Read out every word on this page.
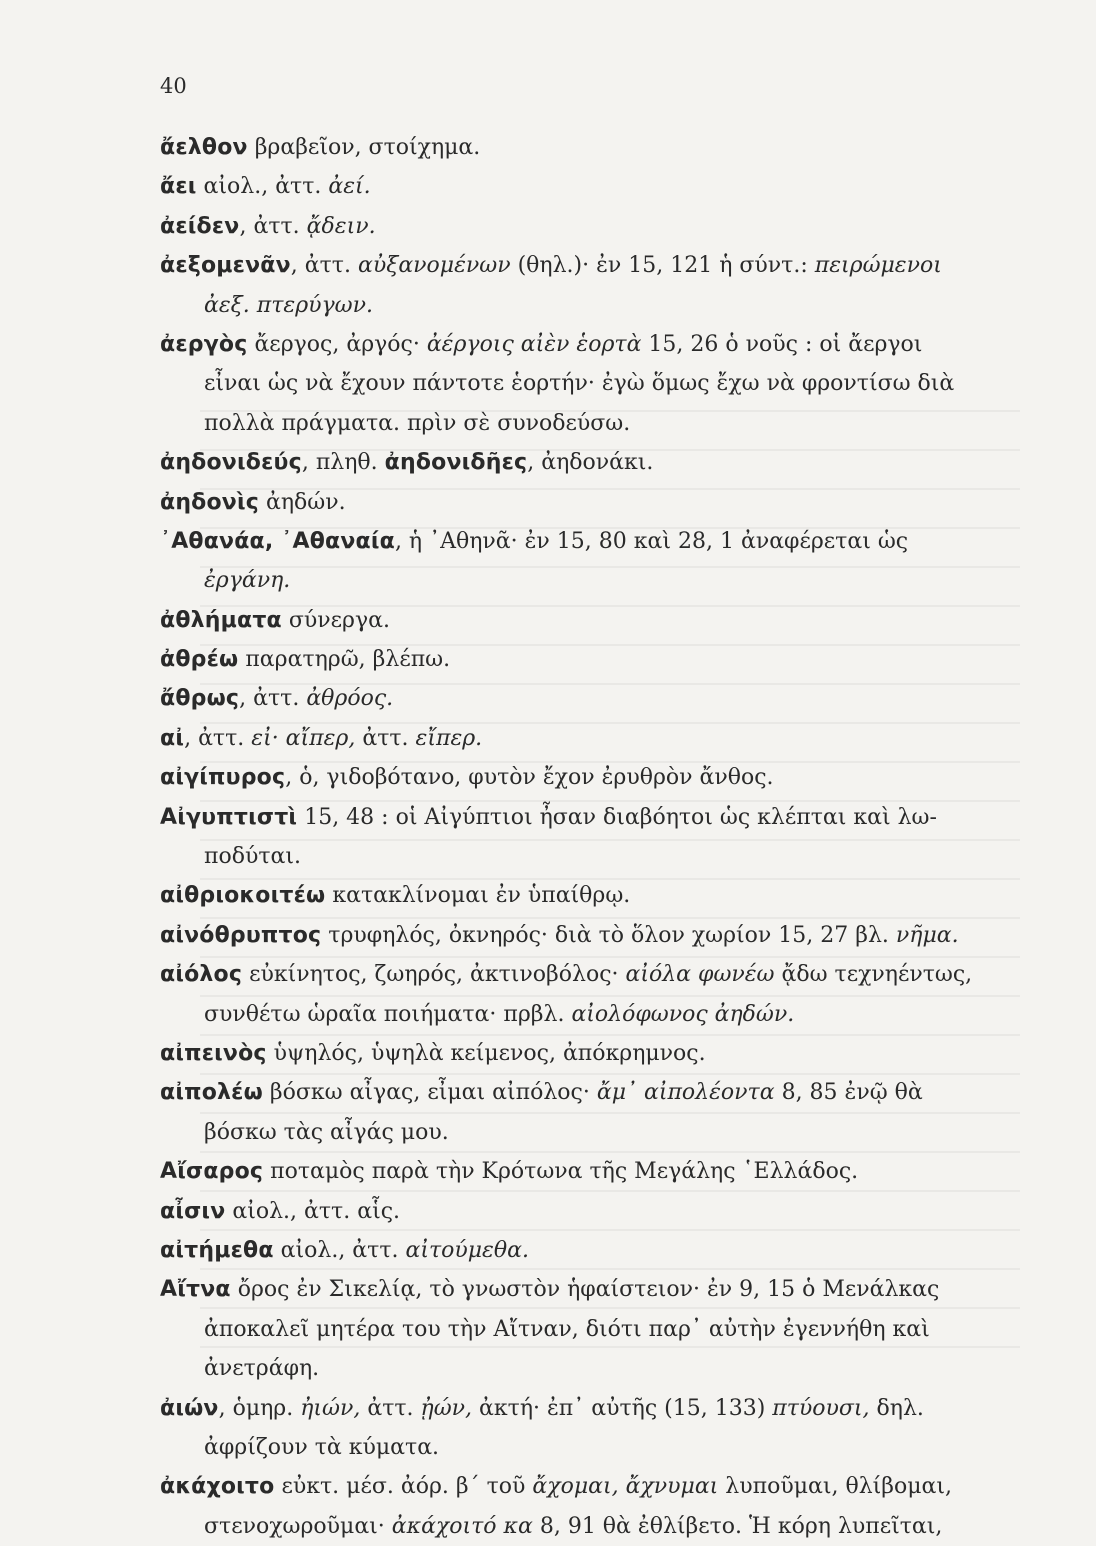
40
ἄελθον βραβεῖον, στοίχημα.
ἄει αἰολ., ἀττ. ἀεί.
ἀείδεν, ἀττ. ᾄδειν.
ἀεξομενᾶν, ἀττ. αὐξανομένων (θηλ.)· ἐν 15, 121 ἡ σύντ.: πειρώμενοι
ἀεξ. πτερύγων.
ἀεργὸς ἄεργος, ἀργός· ἀέργοις αἰὲν ἑορτὰ 15, 26 ὁ νοῦς : οἱ ἄεργοι
εἶναι ὡς νὰ ἔχουν πάντοτε ἑορτήν· ἐγὼ ὅμως ἔχω νὰ φροντίσω διὰ
πολλὰ πράγματα. πρὶν σὲ συνοδεύσω.
ἀηδονιδεύς, πληθ. ἀηδονιδῆες, ἀηδονάκι.
ἀηδονὶς ἀηδών.
᾿Αθανάα, ᾿Αθαναία, ἡ ᾿Αθηνᾶ· ἐν 15, 80 καὶ 28, 1 ἀναφέρεται ὡς
ἐργάνη.
ἀθλήματα σύνεργα.
ἀθρέω παρατηρῶ, βλέπω.
ἄθρως, ἀττ. ἀθρόος.
αἰ, ἀττ. εἰ· αἴπερ, ἀττ. εἴπερ.
αἰγίπυρος, ὁ, γιδοβότανο, φυτὸν ἔχον ἐρυθρὸν ἄνθος.
Αἰγυπτιστὶ 15, 48 : οἱ Αἰγύπτιοι ἦσαν διαβόητοι ὡς κλέπται καὶ λω-
ποδύται.
αἰθριοκοιτέω κατακλίνομαι ἐν ὑπαίθρῳ.
αἰνόθρυπτος τρυφηλός, ὀκνηρός· διὰ τὸ ὅλον χωρίον 15, 27 βλ. νῆμα.
αἰόλος εὐκίνητος, ζωηρός, ἀκτινοβόλος· αἰόλα φωνέω ᾄδω τεχνηέντως,
συνθέτω ὡραῖα ποιήματα· πρβλ. αἰολόφωνος ἀηδών.
αἰπεινὸς ὑψηλός, ὑψηλὰ κείμενος, ἀπόκρημνος.
αἰπολέω βόσκω αἶγας, εἶμαι αἰπόλος· ἄμ᾿ αἰπολέοντα 8, 85 ἐνῷ θὰ
βόσκω τὰς αἶγάς μου.
Αἴσαρος ποταμὸς παρὰ τὴν Κρότωνα τῆς Μεγάλης ῾Ελλάδος.
αἶσιν αἰολ., ἀττ. αἷς.
αἰτήμεθα αἰολ., ἀττ. αἰτούμεθα.
Αἴτνα ὄρος ἐν Σικελίᾳ, τὸ γνωστὸν ἡφαίστειον· ἐν 9, 15 ὁ Μενάλκας
ἀποκαλεῖ μητέρα του τὴν Αἴτναν, διότι παρ᾿ αὐτὴν ἐγεννήθη καὶ
ἀνετράφη.
ἀιών, ὁμηρ. ἠιών, ἀττ. ᾐών, ἀκτή· ἐπ᾿ αὐτῆς (15, 133) πτύουσι, δηλ.
ἀφρίζουν τὰ κύματα.
ἀκάχοιτο εὐκτ. μέσ. ἀόρ. β΄ τοῦ ἄχομαι, ἄχνυμαι λυποῦμαι, θλίβομαι,
στενοχωροῦμαι· ἀκάχοιτό κα 8, 91 θὰ ἐθλίβετο. Ἡ κόρη λυπεῖται,
